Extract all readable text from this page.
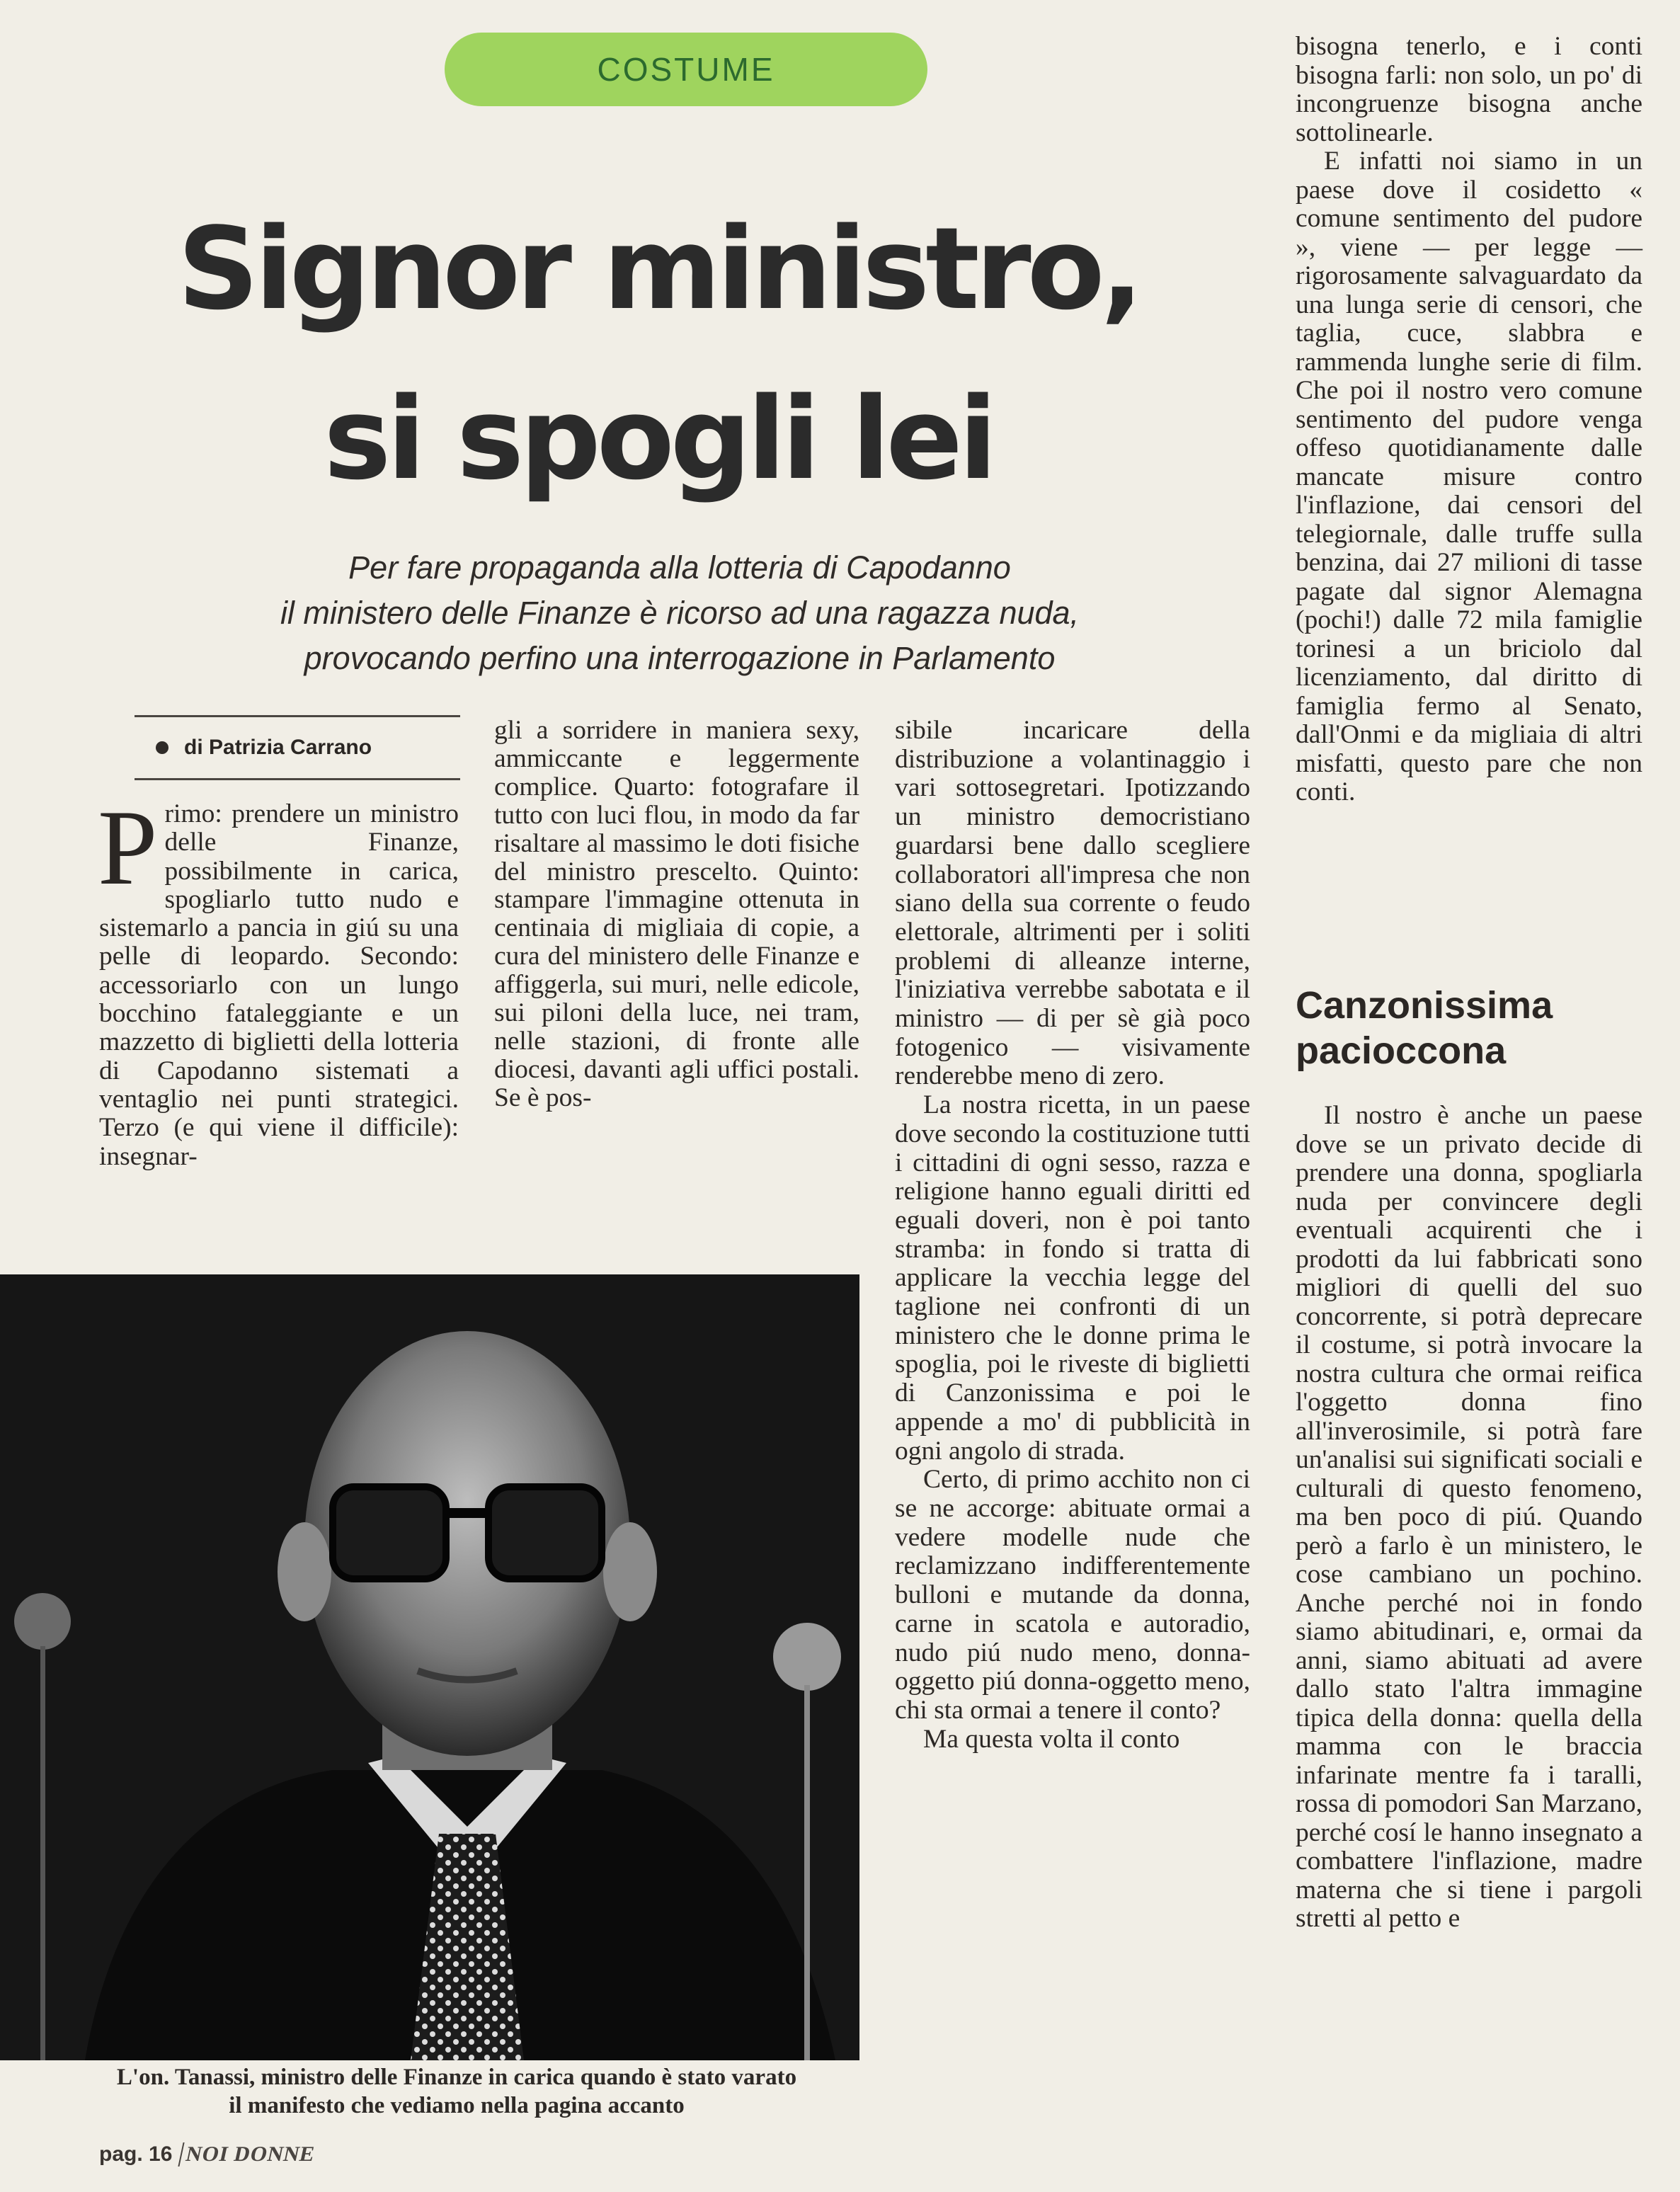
COSTUME
Signor ministro,
si spogli lei
Per fare propaganda alla lotteria di Capodanno
il ministero delle Finanze è ricorso ad una ragazza nuda,
provocando perfino una interrogazione in Parlamento
di Patrizia Carrano

Primo: prendere un ministro delle Finanze, possibilmente in carica, spogliarlo tutto nudo e sistemarlo a pancia in giú su una pelle di leopardo. Secondo: accessoriarlo con un lungo bocchino fataleggiante e un mazzetto di biglietti della lotteria di Capodanno sistemati a ventaglio nei punti strategici. Terzo (e qui viene il difficile): insegnar-

gli a sorridere in maniera sexy, ammiccante e leggermente complice. Quarto: fotografare il tutto con luci flou, in modo da far risaltare al massimo le doti fisiche del ministro prescelto. Quinto: stampare l'immagine ottenuta in centinaia di migliaia di copie, a cura del ministero delle Finanze e affiggerla, sui muri, nelle edicole, sui piloni della luce, nei tram, nelle stazioni, di fronte alle diocesi, davanti agli uffici postali. Se è pos-

sibile incaricare della distribuzione a volantinaggio i vari sottosegretari. Ipotizzando un ministro democristiano guardarsi bene dallo scegliere collaboratori all'impresa che non siano della sua corrente o feudo elettorale, altrimenti per i soliti problemi di alleanze interne, l'iniziativa verrebbe sabotata e il ministro — di per sè già poco fotogenico — visivamente renderebbe meno di zero.

La nostra ricetta, in un paese dove secondo la costituzione tutti i cittadini di ogni sesso, razza e religione hanno eguali diritti ed eguali doveri, non è poi tanto stramba: in fondo si tratta di applicare la vecchia legge del taglione nei confronti di un ministero che le donne prima le spoglia, poi le riveste di biglietti di Canzonissima e poi le appende a mo' di pubblicità in ogni angolo di strada.

Certo, di primo acchito non ci se ne accorge: abituate ormai a vedere modelle nude che reclamizzano indifferentemente bulloni e mutande da donna, carne in scatola e autoradio, nudo piú nudo meno, donna-oggetto piú donna-oggetto meno, chi sta ormai a tenere il conto?

Ma questa volta il conto

bisogna tenerlo, e i conti bisogna farli: non solo, un po' di incongruenze bisogna anche sottolinearle.

E infatti noi siamo in un paese dove il cosidetto « comune sentimento del pudore », viene — per legge — rigorosamente salvaguardato da una lunga serie di censori, che taglia, cuce, slabbra e rammenda lunghe serie di film. Che poi il nostro vero comune sentimento del pudore venga offeso quotidianamente dalle mancate misure contro l'inflazione, dai censori del telegiornale, dalle truffe sulla benzina, dai 27 milioni di tasse pagate dal signor Alemagna (pochi!) dalle 72 mila famiglie torinesi a un briciolo dal licenziamento, dal diritto di famiglia fermo al Senato, dall'Onmi e da migliaia di altri misfatti, questo pare che non conti.

Canzonissima
pacioccona

Il nostro è anche un paese dove se un privato decide di prendere una donna, spogliarla nuda per convincere degli eventuali acquirenti che i prodotti da lui fabbricati sono migliori di quelli del suo concorrente, si potrà deprecare il costume, si potrà invocare la nostra cultura che ormai reifica l'oggetto donna fino all'inverosimile, si potrà fare un'analisi sui significati sociali e culturali di questo fenomeno, ma ben poco di piú. Quando però a farlo è un ministero, le cose cambiano un pochino. Anche perché noi in fondo siamo abitudinari, e, ormai da anni, siamo abituati ad avere dallo stato l'altra immagine tipica della donna: quella della mamma con le braccia infarinate mentre fa i taralli, rossa di pomodori San Marzano, perché cosí le hanno insegnato a combattere l'inflazione, madre materna che si tiene i pargoli stretti al petto e

L'on. Tanassi, ministro delle Finanze in carica quando è stato varato
il manifesto che vediamo nella pagina accanto
pag. 16 NOI DONNE
